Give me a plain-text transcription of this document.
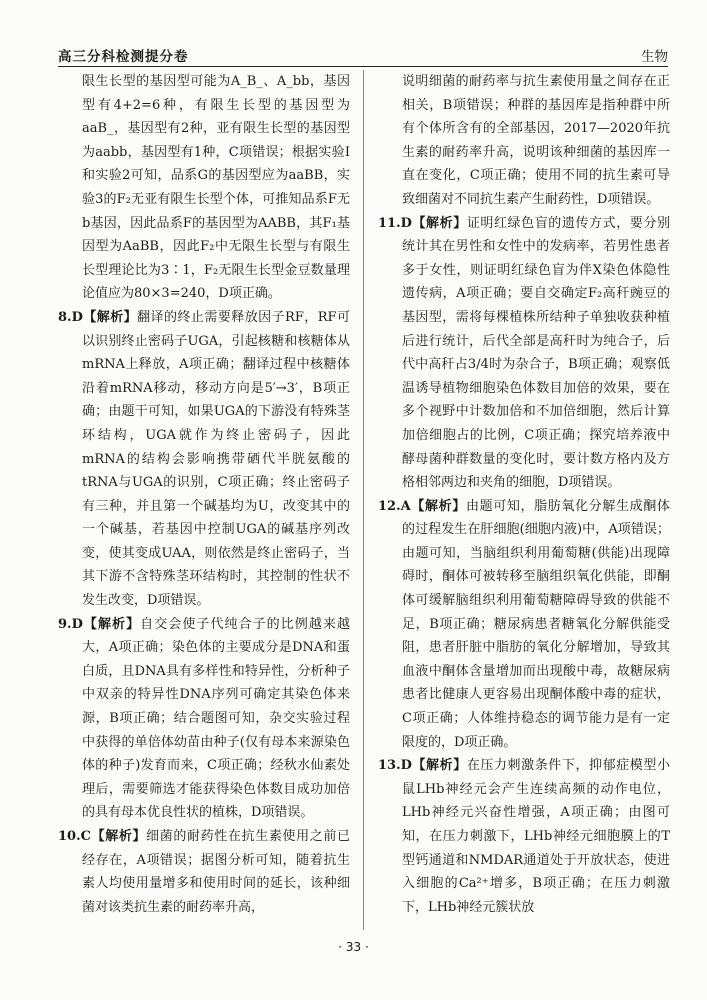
高三分科检测提分卷	生物

限生长型的基因型可能为A_B_、A_bb，基因型有4+2=6种，有限生长型的基因型为aaB_，基因型有2种，亚有限生长型的基因型为aabb，基因型有1种，C项错误；根据实验Ⅰ和实验2可知，品系G的基因型应为aaBB，实验3的F₂无亚有限生长型个体，可推知品系F无b基因，因此品系F的基因型为AABB，其F₁基因型为AaBB，因此F₂中无限生长型与有限生长型理论比为3∶1，F₂无限生长型金豆数量理论值应为80×3=240，D项正确。

8.D【解析】翻译的终止需要释放因子RF，RF可以识别终止密码子UGA，引起核糖和核糖体从mRNA上释放，A项正确；翻译过程中核糖体沿着mRNA移动，移动方向是5′→3′，B项正确；由题干可知，如果UGA的下游没有特殊茎环结构，UGA就作为终止密码子，因此mRNA的结构会影响携带硒代半胱氨酸的tRNA与UGA的识别，C项正确；终止密码子有三种，并且第一个碱基均为U，改变其中的一个碱基，若基因中控制UGA的碱基序列改变，使其变成UAA，则依然是终止密码子，当其下游不含特殊茎环结构时，其控制的性状不发生改变，D项错误。

9.D【解析】自交会使子代纯合子的比例越来越大，A项正确；染色体的主要成分是DNA和蛋白质，且DNA具有多样性和特异性，分析种子中双亲的特异性DNA序列可确定其染色体来源，B项正确；结合题图可知，杂交实验过程中获得的单倍体幼苗由种子(仅有母本来源染色体的种子)发育而来，C项正确；经秋水仙素处理后，需要筛选才能获得染色体数目成功加倍的具有母本优良性状的植株，D项错误。

10.C【解析】细菌的耐药性在抗生素使用之前已经存在，A项错误；据图分析可知，随着抗生素人均使用量增多和使用时间的延长，该种细菌对该类抗生素的耐药率升高，

说明细菌的耐药率与抗生素使用量之间存在正相关，B项错误；种群的基因库是指种群中所有个体所含有的全部基因，2017—2020年抗生素的耐药率升高，说明该种细菌的基因库一直在变化，C项正确；使用不同的抗生素可导致细菌对不同抗生素产生耐药性，D项错误。

11.D【解析】证明红绿色盲的遗传方式，要分别统计其在男性和女性中的发病率，若男性患者多于女性，则证明红绿色盲为伴X染色体隐性遗传病，A项正确；要自交确定F₂高秆豌豆的基因型，需将每棵植株所结种子单独收获种植后进行统计，后代全部是高秆时为纯合子，后代中高秆占3/4时为杂合子，B项正确；观察低温诱导植物细胞染色体数目加倍的效果，要在多个视野中计数加倍和不加倍细胞，然后计算加倍细胞占的比例，C项正确；探究培养液中酵母菌种群数量的变化时，要计数方格内及方格相邻两边和夹角的细胞，D项错误。

12.A【解析】由题可知，脂肪氧化分解生成酮体的过程发生在肝细胞(细胞内液)中，A项错误；由题可知，当脑组织利用葡萄糖(供能)出现障碍时，酮体可被转移至脑组织氧化供能，即酮体可缓解脑组织利用葡萄糖障碍导致的供能不足，B项正确；糖尿病患者糖氧化分解供能受阻，患者肝脏中脂肪的氧化分解增加，导致其血液中酮体含量增加而出现酸中毒，故糖尿病患者比健康人更容易出现酮体酸中毒的症状，C项正确；人体维持稳态的调节能力是有一定限度的，D项正确。

13.D【解析】在压力刺激条件下，抑郁症模型小鼠LHb神经元会产生连续高频的动作电位，LHb神经元兴奋性增强，A项正确；由图可知，在压力刺激下，LHb神经元细胞膜上的T型钙通道和NMDAR通道处于开放状态，使进入细胞的Ca²⁺增多，B项正确；在压力刺激下，LHb神经元簇状放

· 33 ·
